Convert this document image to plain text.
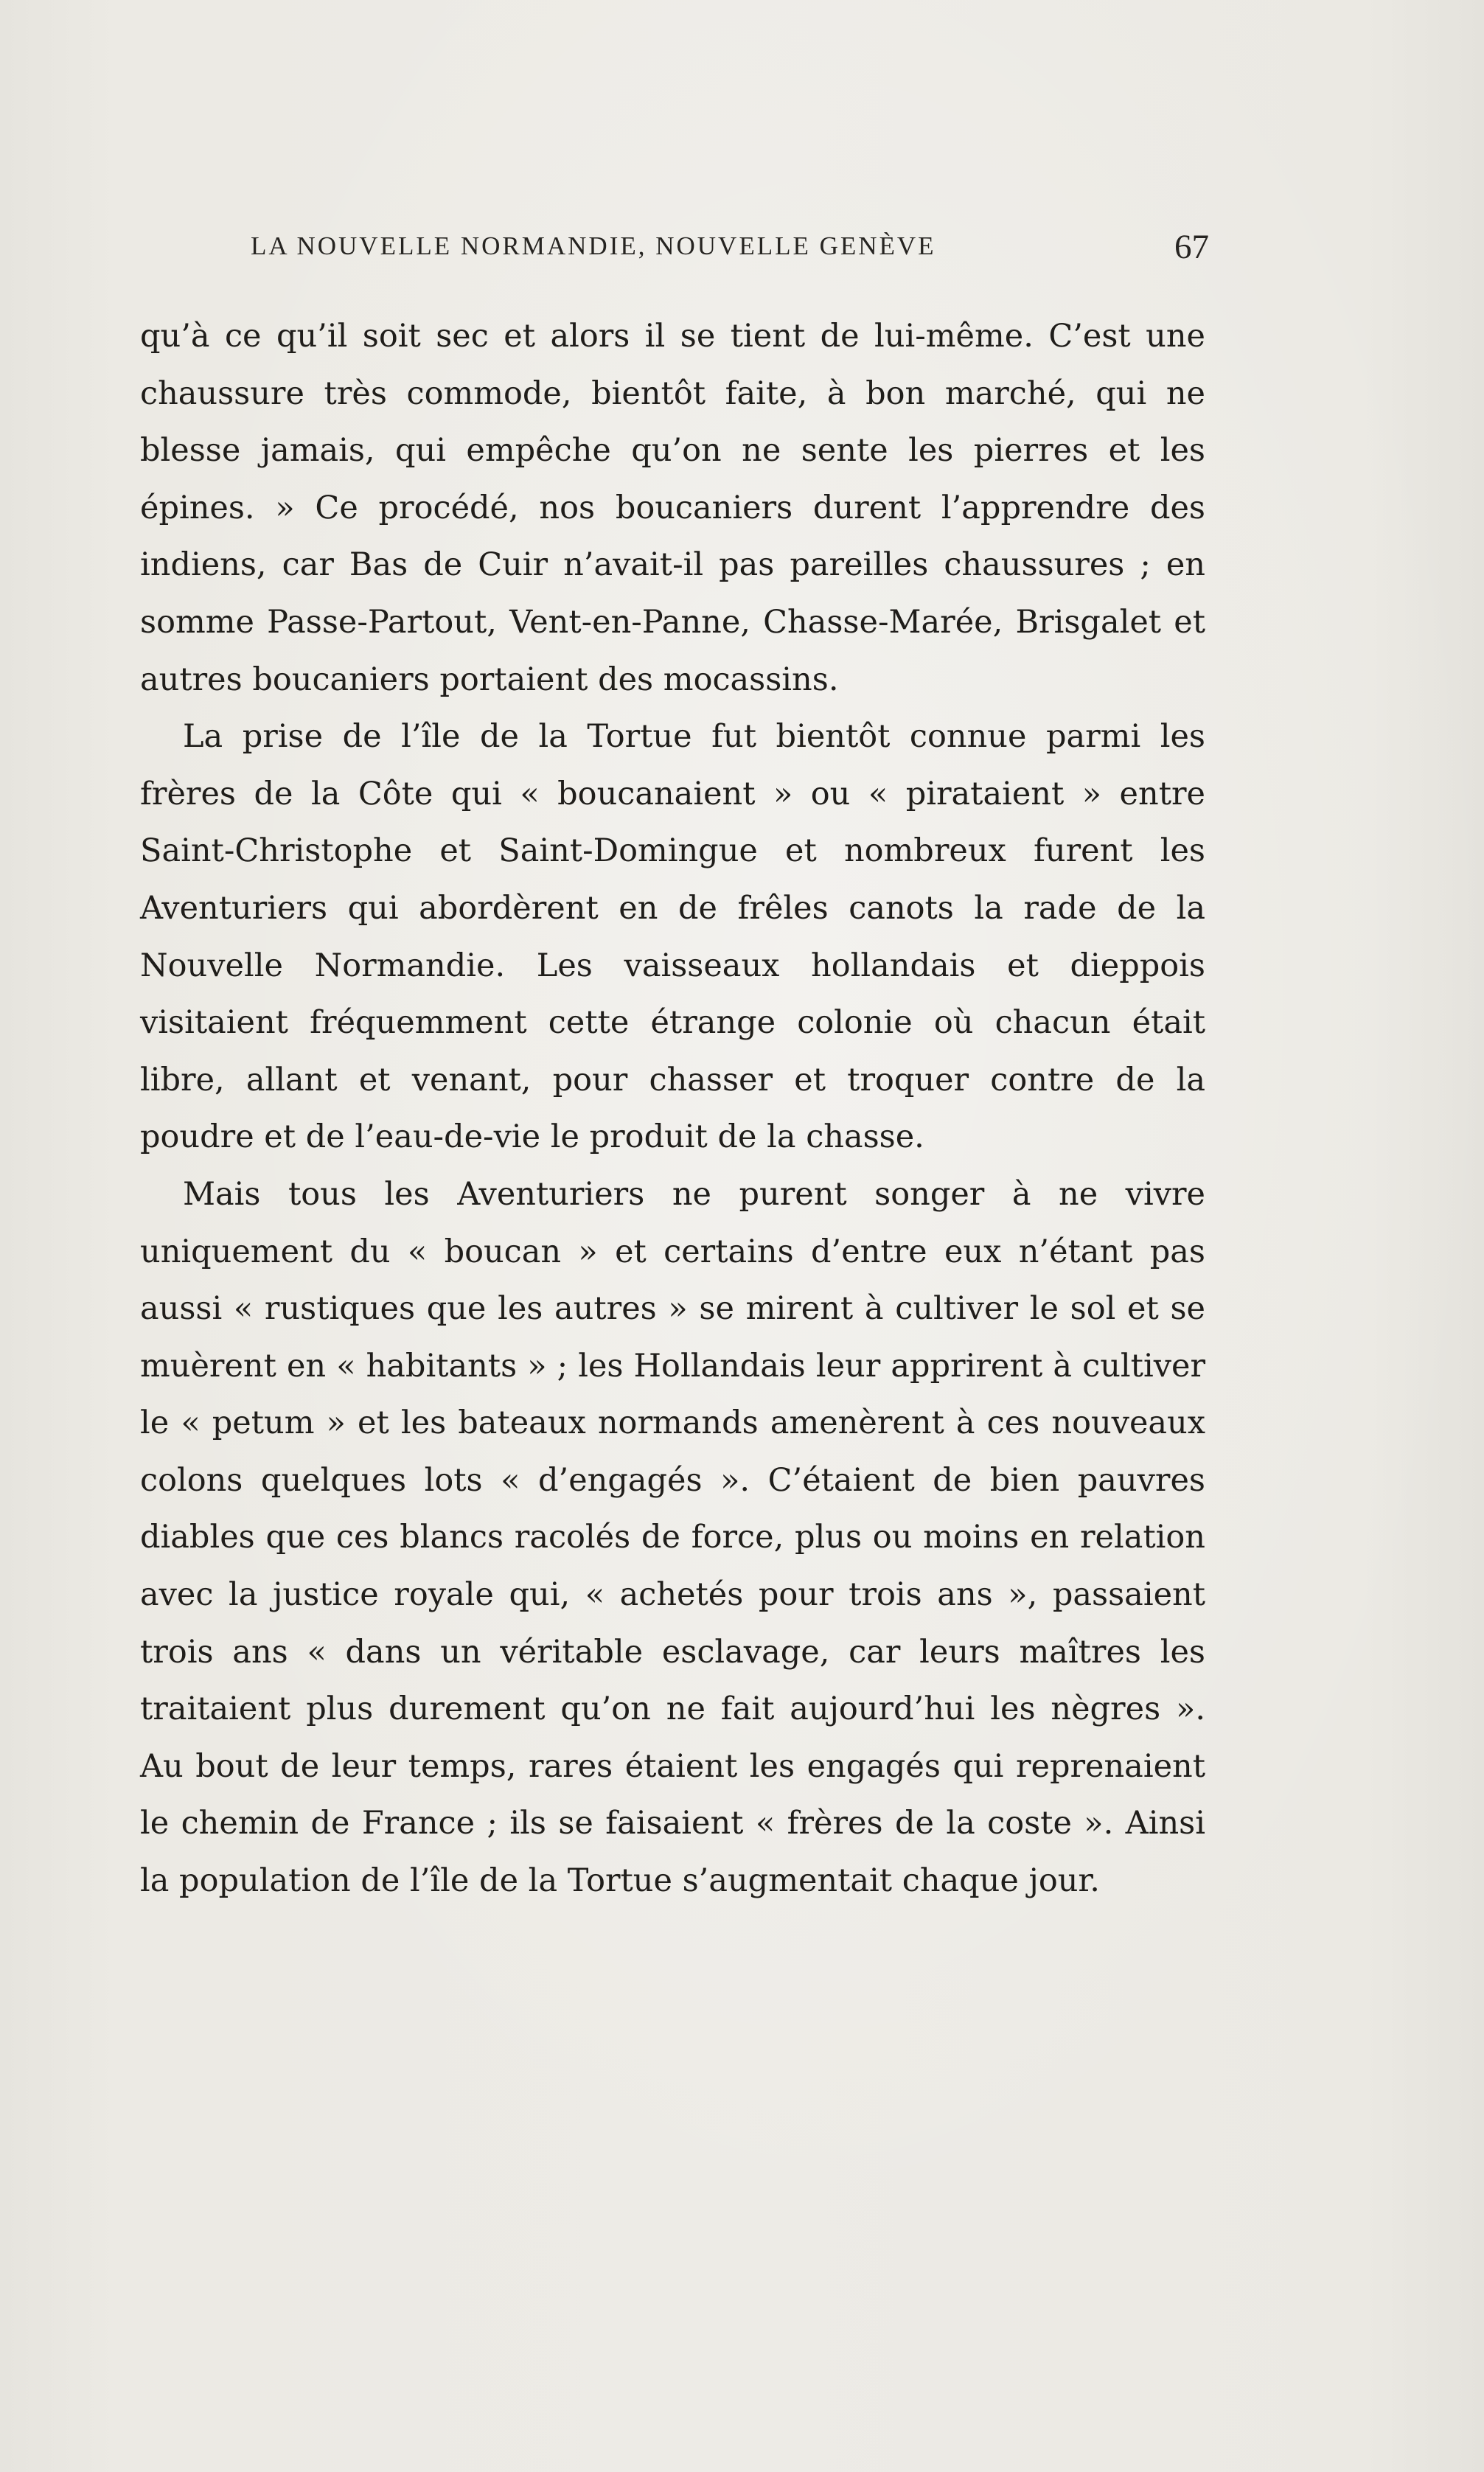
LA NOUVELLE NORMANDIE, NOUVELLE GENÈVE	67

qu’à ce qu’il soit sec et alors il se tient de lui-même. C’est une chaussure très commode, bientôt faite, à bon marché, qui ne blesse jamais, qui empêche qu’on ne sente les pierres et les épines. » Ce procédé, nos boucaniers durent l’apprendre des indiens, car Bas de Cuir n’avait-il pas pareilles chaussures ; en somme Passe-Partout, Vent-en-Panne, Chasse-Marée, Brisgalet et autres boucaniers portaient des mocassins.

La prise de l’île de la Tortue fut bientôt connue parmi les frères de la Côte qui « boucanaient » ou « pirataient » entre Saint-Christophe et Saint-Domingue et nombreux furent les Aventuriers qui abordèrent en de frêles canots la rade de la Nouvelle Normandie. Les vaisseaux hollandais et dieppois visitaient fréquemment cette étrange colonie où chacun était libre, allant et venant, pour chasser et troquer contre de la poudre et de l’eau-de-vie le produit de la chasse.

Mais tous les Aventuriers ne purent songer à ne vivre uniquement du « boucan » et certains d’entre eux n’étant pas aussi « rustiques que les autres » se mirent à cultiver le sol et se muèrent en « habitants » ; les Hollandais leur apprirent à cultiver le « petum » et les bateaux normands amenèrent à ces nouveaux colons quelques lots « d’engagés ». C’étaient de bien pauvres diables que ces blancs racolés de force, plus ou moins en relation avec la justice royale qui, « achetés pour trois ans », passaient trois ans « dans un véritable esclavage, car leurs maîtres les traitaient plus durement qu’on ne fait aujourd’hui les nègres ». Au bout de leur temps, rares étaient les engagés qui reprenaient le chemin de France ; ils se faisaient « frères de la coste ». Ainsi la population de l’île de la Tortue s’augmentait chaque jour.
